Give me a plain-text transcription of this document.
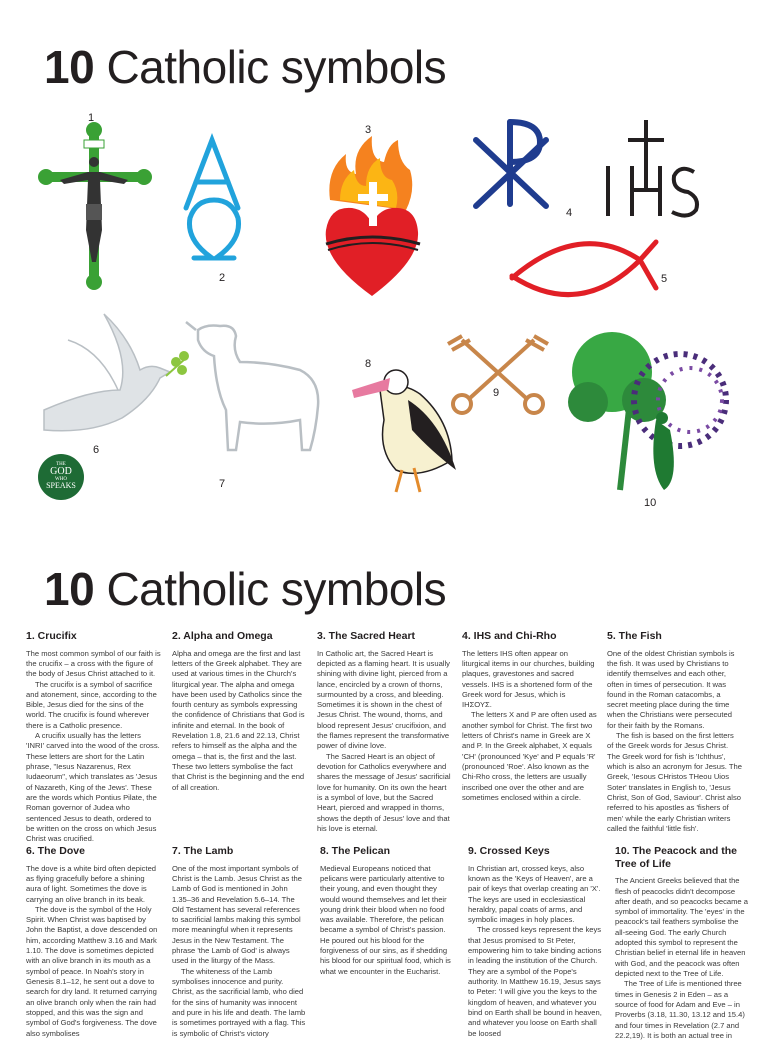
10 Catholic symbols
1
2
3
4
5
6
7
8
9
10
THE
GOD
WHO
SPEAKS
10 Catholic symbols
1. Crucifix

The most common symbol of our faith is the crucifix – a cross with the figure of the body of Jesus Christ attached to it.

The crucifix is a symbol of sacrifice and atonement, since, according to the Bible, Jesus died for the sins of the world. The crucifix is found wherever there is a Catholic presence.

A crucifix usually has the letters 'INRI' carved into the wood of the cross. These letters are short for the Latin phrase, "Iesus Nazarenus, Rex Iudaeorum", which translates as 'Jesus of Nazareth, King of the Jews'. These are the words which Pontius Pilate, the Roman governor of Judea who sentenced Jesus to death, ordered to be written on the cross on which Jesus Christ was crucified.

2. Alpha and Omega

Alpha and omega are the first and last letters of the Greek alphabet. They are used at various times in the Church's liturgical year. The alpha and omega have been used by Catholics since the fourth century as symbols expressing the confidence of Christians that God is infinite and eternal. In the book of Revelation 1.8, 21.6 and 22.13, Christ refers to himself as the alpha and the omega – that is, the first and the last. These two letters symbolise the fact that Christ is the beginning and the end of all creation.

3. The Sacred Heart

In Catholic art, the Sacred Heart is depicted as a flaming heart. It is usually shining with divine light, pierced from a lance, encircled by a crown of thorns, surmounted by a cross, and bleeding. Sometimes it is shown in the chest of Jesus Christ. The wound, thorns, and blood represent Jesus' crucifixion, and the flames represent the transformative power of divine love.

The Sacred Heart is an object of devotion for Catholics everywhere and shares the message of Jesus' sacrificial love for humanity. On its own the heart is a symbol of love, but the Sacred Heart, pierced and wrapped in thorns, shows the depth of Jesus' love and that his love is eternal.

4. IHS and Chi-Rho

The letters IHS often appear on liturgical items in our churches, building plaques, gravestones and sacred vessels. IHS is a shortened form of the Greek word for Jesus, which is ΙΗΣΟΥΣ.

The letters X and P are often used as another symbol for Christ. The first two letters of Christ's name in Greek are X and P. In the Greek alphabet, X equals 'CH' (pronounced 'Kye' and P equals 'R' (pronounced 'Roe'. Also known as the Chi-Rho cross, the letters are usually inscribed one over the other and are sometimes enclosed within a circle.

5. The Fish

One of the oldest Christian symbols is the fish. It was used by Christians to identify themselves and each other, often in times of persecution. It was found in the Roman catacombs, a secret meeting place during the time when the Christians were persecuted for their faith by the Romans.

The fish is based on the first letters of the Greek words for Jesus Christ. The Greek word for fish is 'Ichthus', which is also an acronym for Jesus. The Greek, 'Iesous CHristos THeou Uios Soter' translates in English to, 'Jesus Christ, Son of God, Saviour'. Christ also referred to his apostles as 'fishers of men' while the early Christian writers called the faithful 'little fish'.

6. The Dove

The dove is a white bird often depicted as flying gracefully before a shining aura of light. Sometimes the dove is carrying an olive branch in its beak.

The dove is the symbol of the Holy Spirit. When Christ was baptised by John the Baptist, a dove descended on him, according Matthew 3.16 and Mark 1.10. The dove is sometimes depicted with an olive branch in its mouth as a symbol of peace. In Noah's story in Genesis 8.1–12, he sent out a dove to search for dry land. It returned carrying an olive branch only when the rain had stopped, and this was the sign and symbol of God's forgiveness. The dove also symbolises

7. The Lamb

One of the most important symbols of Christ is the Lamb. Jesus Christ as the Lamb of God is mentioned in John 1.35–36 and Revelation 5.6–14. The Old Testament has several references to sacrificial lambs making this symbol more meaningful when it represents Jesus in the New Testament. The phrase 'the Lamb of God' is always used in the liturgy of the Mass.

The whiteness of the Lamb symbolises innocence and purity. Christ, as the sacrificial lamb, who died for the sins of humanity was innocent and pure in his life and death. The lamb is sometimes portrayed with a flag. This is symbolic of Christ's victory

8. The Pelican

Medieval Europeans noticed that pelicans were particularly attentive to their young, and even thought they would wound themselves and let their young drink their blood when no food was available. Therefore, the pelican became a symbol of Christ's passion. He poured out his blood for the forgiveness of our sins, as if shedding his blood for our spiritual food, which is what we encounter in the Eucharist.

9. Crossed Keys

In Christian art, crossed keys, also known as the 'Keys of Heaven', are a pair of keys that overlap creating an 'X'. The keys are used in ecclesiastical heraldry, papal coats of arms, and symbolic images in holy places.

The crossed keys represent the keys that Jesus promised to St Peter, empowering him to take binding actions in leading the institution of the Church. They are a symbol of the Pope's authority. In Matthew 16.19, Jesus says to Peter: 'I will give you the keys to the kingdom of heaven, and whatever you bind on Earth shall be bound in heaven, and whatever you loose on Earth shall be loosed

10. The Peacock and the Tree of Life

The Ancient Greeks believed that the flesh of peacocks didn't decompose after death, and so peacocks became a symbol of immortality. The 'eyes' in the peacock's tail feathers symbolise the all-seeing God. The early Church adopted this symbol to represent the Christian belief in eternal life in heaven with God, and the peacock was often depicted next to the Tree of Life.

The Tree of Life is mentioned three times in Genesis 2 in Eden – as a source of food for Adam and Eve – in Proverbs (3.18, 11.30, 13.12 and 15.4) and four times in Revelation (2.7 and 22.2,19). It is both an actual tree in
